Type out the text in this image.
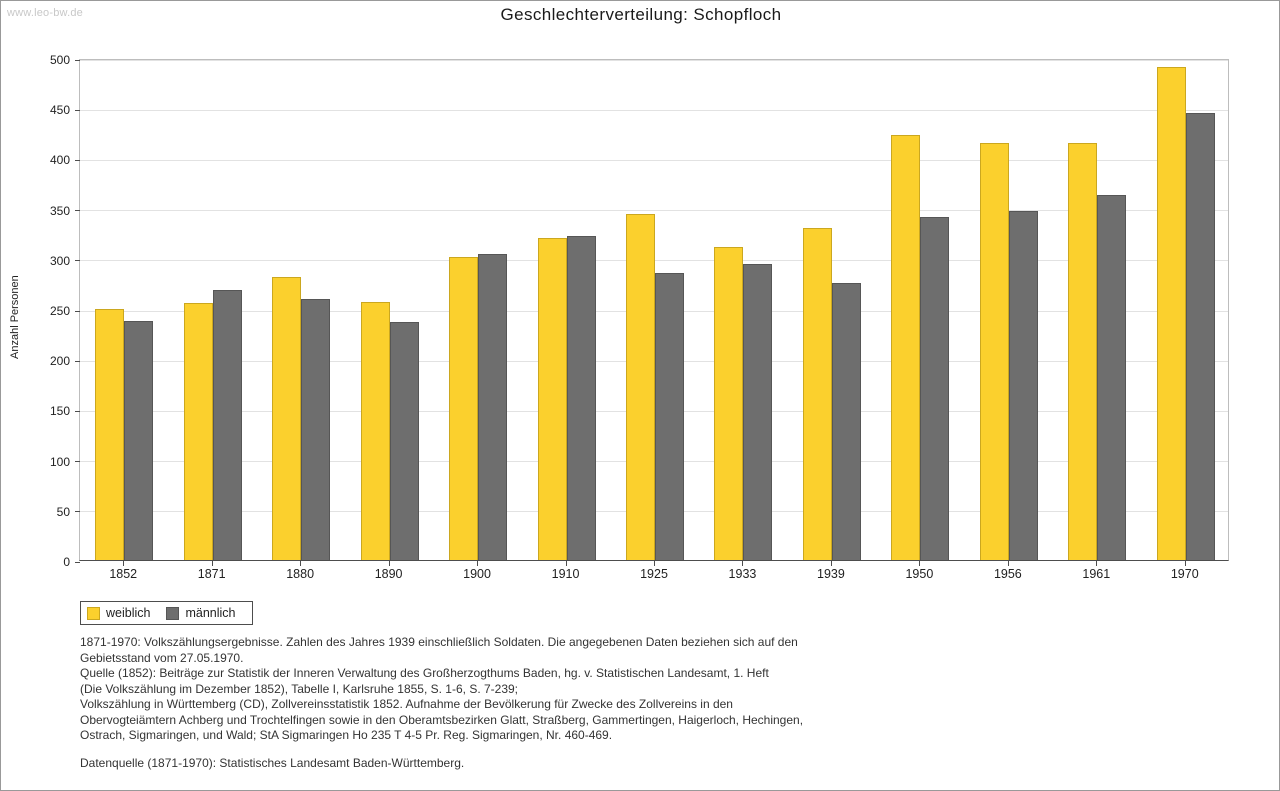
www.leo-bw.de	Geschlechterverteilung: Schopfloch
Anzahl Personen
0
50
100
150
200
250
300
350
400
450
500
1852	1871	1880	1890	1900	1910	1925	1933	1939	1950	1956	1961	1970
weiblich	männlich
1871-1970: Volkszählungsergebnisse. Zahlen des Jahres 1939 einschließlich Soldaten. Die angegebenen Daten beziehen sich auf den
Gebietsstand vom 27.05.1970.
Quelle (1852): Beiträge zur Statistik der Inneren Verwaltung des Großherzogthums Baden, hg. v. Statistischen Landesamt, 1. Heft
(Die Volkszählung im Dezember 1852), Tabelle I, Karlsruhe 1855, S. 1-6, S. 7-239;
Volkszählung in Württemberg (CD), Zollvereinsstatistik 1852. Aufnahme der Bevölkerung für Zwecke des Zollvereins in den
Obervogteiämtern Achberg und Trochtelfingen sowie in den Oberamtsbezirken Glatt, Straßberg, Gammertingen, Haigerloch, Hechingen,
Ostrach, Sigmaringen, und Wald; StA Sigmaringen Ho 235 T 4-5 Pr. Reg. Sigmaringen, Nr. 460-469.
Datenquelle (1871-1970): Statistisches Landesamt Baden-Württemberg.
